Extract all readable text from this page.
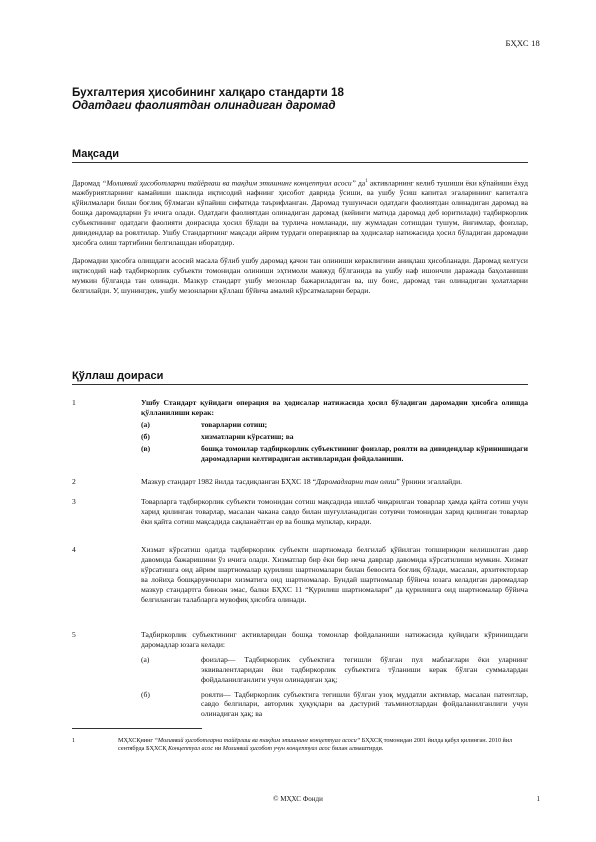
БҲХС 18

Бухгалтерия ҳисобининг халқаро стандарти 18

Одатдаги фаолиятдан олинадиган даромад

Мақсади

Даромад “Молиявий ҳисоботларни тайёрлаш ва тақдим этишнинг концептуал асоси” $да^1$ активларнинг келиб тушиши ёки кўпайиши ёхуд мажбуриятларнинг камайиши шаклида иқтисодий нафнинг ҳисобот даврида ўсиши, ва ушбу ўсиш капитал эгаларининг капиталга қўйилмалари билан боғлиқ бўлмаган кўпайиш сифатида таърифланган. Даромад тушунчаси одатдаги фаолиятдан олинадиган даромад ва бошқа даромадларни ўз ичига олади. Одатдаги фаолиятдан олинадиган даромад (кейинги матнда даромад деб юритилади) тадбиркорлик субъектининг одатдаги фаолияти доирасида ҳосил бўлади ва турлича номланади, шу жумладан сотишдан тушум, йиғимлар, фоизлар, дивидендлар ва роялтилар. Ушбу Стандартнинг мақсади айрим турдаги операциялар ва ҳодисалар натижасида ҳосил бўладиган даромадни ҳисобга олиш тартибини белгилашдан иборатдир.

Даромадни ҳисобга олишдаги асосий масала бўлиб ушбу даромад қачон тан олиниши кераклигини аниқлаш ҳисобланади. Даромад келгуси иқтисодий наф тадбиркорлик субъекти томонидан олиниши эҳтимоли мавжуд бўлганида ва ушбу наф ишончли даражада баҳоланиши мумкин бўлганда тан олинади. Мазкур стандарт ушбу мезонлар бажариладиган ва, шу боис, даромад тан олинадиган ҳолатларни белгилайди. У, шунингдек, ушбу мезонларни қўллаш бўйича амалий кўрсатмаларни беради.

Қўллаш доираси
1	Ушбу Стандарт қуйидаги операция ва ҳодисалар натижасида ҳосил бўладиган даромадни ҳисобга олишда қўлланилиши керак:
(а)	товарларни сотиш;
(б)	хизматларни кўрсатиш; ва
(в)	бошқа томонлар тадбиркорлик субъектининг фоизлар, роялти ва дивидендлар кўринишидаги даромадларни келтирадиган активларидан фойдаланиши.
2	Мазкур стандарт 1982 йилда тасдиқланган БҲХС 18 “Даромадларни тан олиш” ўрнини эгаллайди.
3	Товарларга тадбиркорлик субъекти томонидан сотиш мақсадида ишлаб чиқарилган товарлар ҳамда қайта сотиш учун харид қилинган товарлар, масалан чакана савдо билан шуғулланадиган сотувчи томонидан харид қилинган товарлар ёки қайта сотиш мақсадида сақланаётган ер ва бошқа мулклар, киради.
4	Хизмат кўрсатиш одатда тадбиркорлик субъекти шартномада белгилаб қўйилган топшириқни келишилган давр давомида бажаришини ўз ичига олади. Хизматлар бир ёки бир неча даврлар давомида кўрсатилиши мумкин. Хизмат кўрсатишга оид айрим шартномалар қурилиш шартномалари билан бевосита боғлиқ бўлади, масалан, архитекторлар ва лойиҳа бошқарувчилари хизматига оид шартномалар. Бундай шартномалар бўйича юзага келадиган даромадлар мазкур стандартга биноан эмас, балки БҲХС 11 “Қурилиш шартномалари” да қурилишга оид шартномалар бўйича белгиланган талабларга мувофиқ ҳисобга олинади.
5	Тадбиркорлик субъектининг активларидан бошқа томонлар фойдаланиши натижасида қуйидаги кўринишдаги даромадлар юзага келади:
(а)	фоизлар— Тадбиркорлик субъектига тегишли бўлган пул маблағлари ёки уларнинг эквивалентларидан ёки тадбиркорлик субъектига тўланиши керак бўлган суммалардан фойдаланилганлиги учун олинадиган ҳақ;
(б)	роялти— Тадбиркорлик субъектига тегишли бўлган узоқ муддатли активлар, масалан патентлар, савдо белгилари, авторлик ҳуқуқлари ва дастурий таъминотлардан фойдаланилганлиги учун олинадиган ҳақ; ва
1	МҲХСҚнинг “Молиявий ҳисоботларни тайёрлаш ва тақдим этишнинг концептуал асоси” БҲХСҚ томонидан 2001 йилда қабул қилинган. 2010 йил сентябрда БҲХСҚ Концептуал асос ни Молиявий ҳисобот учун концептуал асос билан алмаштирди.
© МҲХС Фонди	1
